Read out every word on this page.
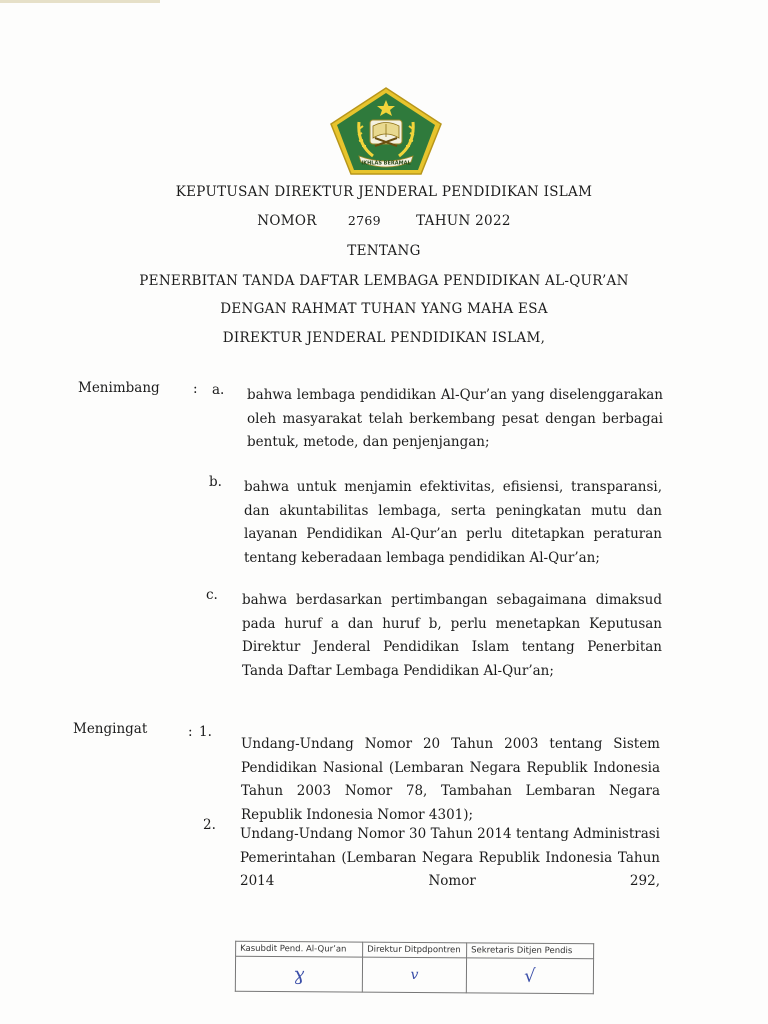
IKHLAS BERAMAL
KEPUTUSAN DIREKTUR JENDERAL PENDIDIKAN ISLAM
NOMOR 2769	TAHUN 2022
TENTANG
PENERBITAN TANDA DAFTAR LEMBAGA PENDIDIKAN AL-QUR’AN
DENGAN RAHMAT TUHAN YANG MAHA ESA
DIREKTUR JENDERAL PENDIDIKAN ISLAM,
Menimbang : a. bahwa lembaga pendidikan Al-Qur’an yang diselenggarakan oleh masyarakat telah berkembang pesat dengan berbagai bentuk, metode, dan penjenjangan;
b. bahwa untuk menjamin efektivitas, efisiensi, transparansi, dan akuntabilitas lembaga, serta peningkatan mutu dan layanan Pendidikan Al-Qur’an perlu ditetapkan peraturan tentang keberadaan lembaga pendidikan Al-Qur’an;
c. bahwa berdasarkan pertimbangan sebagaimana dimaksud pada huruf a dan huruf b, perlu menetapkan Keputusan Direktur Jenderal Pendidikan Islam tentang Penerbitan Tanda Daftar Lembaga Pendidikan Al-Qur’an;
Mengingat	: 1.
Undang-Undang Nomor 20 Tahun 2003 tentang Sistem Pendidikan Nasional (Lembaran Negara Republik Indonesia Tahun 2003 Nomor 78, Tambahan Lembaran Negara Republik Indonesia Nomor 4301);
2.
Undang-Undang Nomor 30 Tahun 2014 tentang Administrasi Pemerintahan (Lembaran Negara Republik Indonesia Tahun 2014 Nomor 292,
Kasubdit Pend. Al-Qur’an	Direktur Ditpdpontren	Sekretaris Ditjen Pendis
ɣ	v	√
